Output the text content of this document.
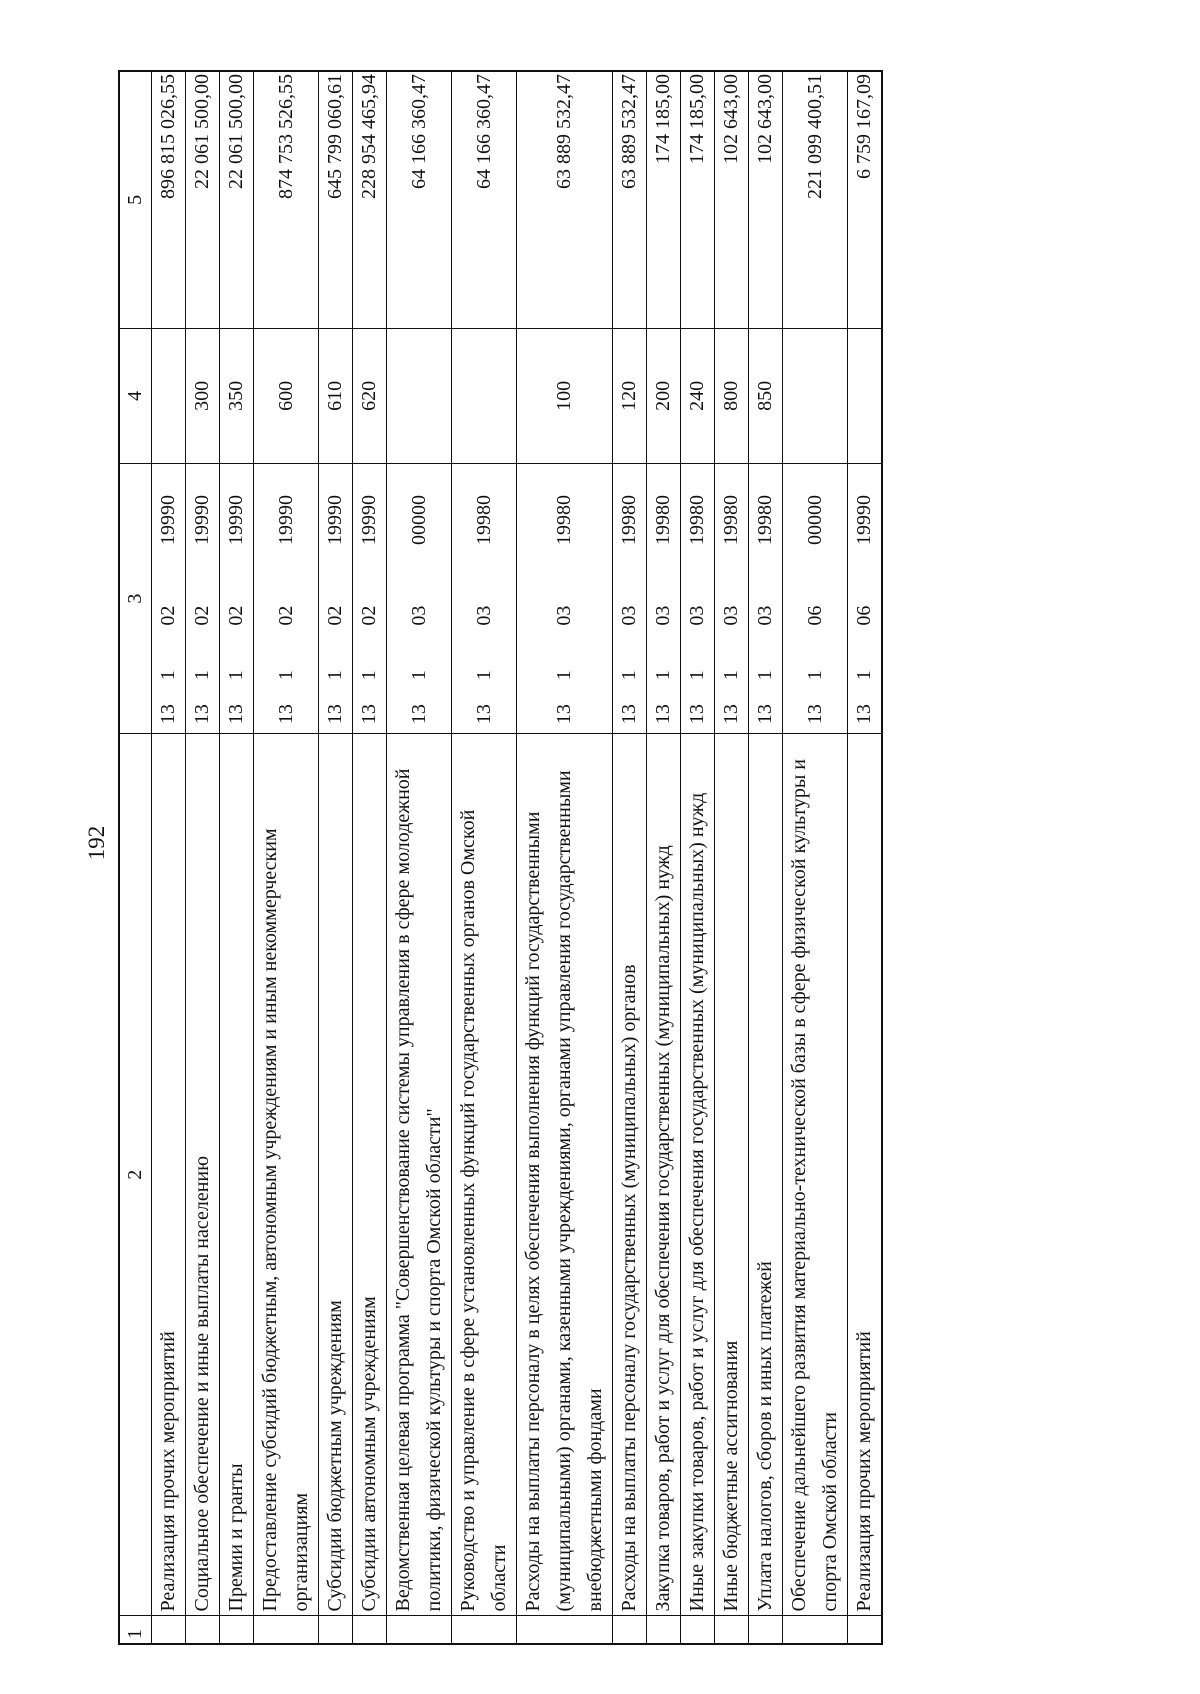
192
1	2	3				4	5
	Реализация прочих мероприятий	13	1	02	19990		896 815 026,55
	Социальное обеспечение и иные выплаты населению	13	1	02	19990	300	22 061 500,00
	Премии и гранты	13	1	02	19990	350	22 061 500,00
	Предоставление субсидий бюджетным, автономным учреждениям и иным некоммерческим организациям	13	1	02	19990	600	874 753 526,55
	Субсидии бюджетным учреждениям	13	1	02	19990	610	645 799 060,61
	Субсидии автономным учреждениям	13	1	02	19990	620	228 954 465,94
	Ведомственная целевая программа "Совершенствование системы управления в сфере молодежной политики, физической культуры и спорта Омской области"	13	1	03	00000		64 166 360,47
	Руководство и управление в сфере установленных функций государственных органов Омской области	13	1	03	19980		64 166 360,47
	Расходы на выплаты персоналу в целях обеспечения выполнения функций государственными (муниципальными) органами, казенными учреждениями, органами управления государственными внебюджетными фондами	13	1	03	19980	100	63 889 532,47
	Расходы на выплаты персоналу государственных (муниципальных) органов	13	1	03	19980	120	63 889 532,47
	Закупка товаров, работ и услуг для обеспечения государственных (муниципальных) нужд	13	1	03	19980	200	174 185,00
	Иные закупки товаров, работ и услуг для обеспечения государственных (муниципальных) нужд	13	1	03	19980	240	174 185,00
	Иные бюджетные ассигнования	13	1	03	19980	800	102 643,00
	Уплата налогов, сборов и иных платежей	13	1	03	19980	850	102 643,00
	Обеспечение дальнейшего развития материально-технической базы в сфере физической культуры и спорта Омской области	13	1	06	00000		221 099 400,51
	Реализация прочих мероприятий	13	1	06	19990		6 759 167,09
